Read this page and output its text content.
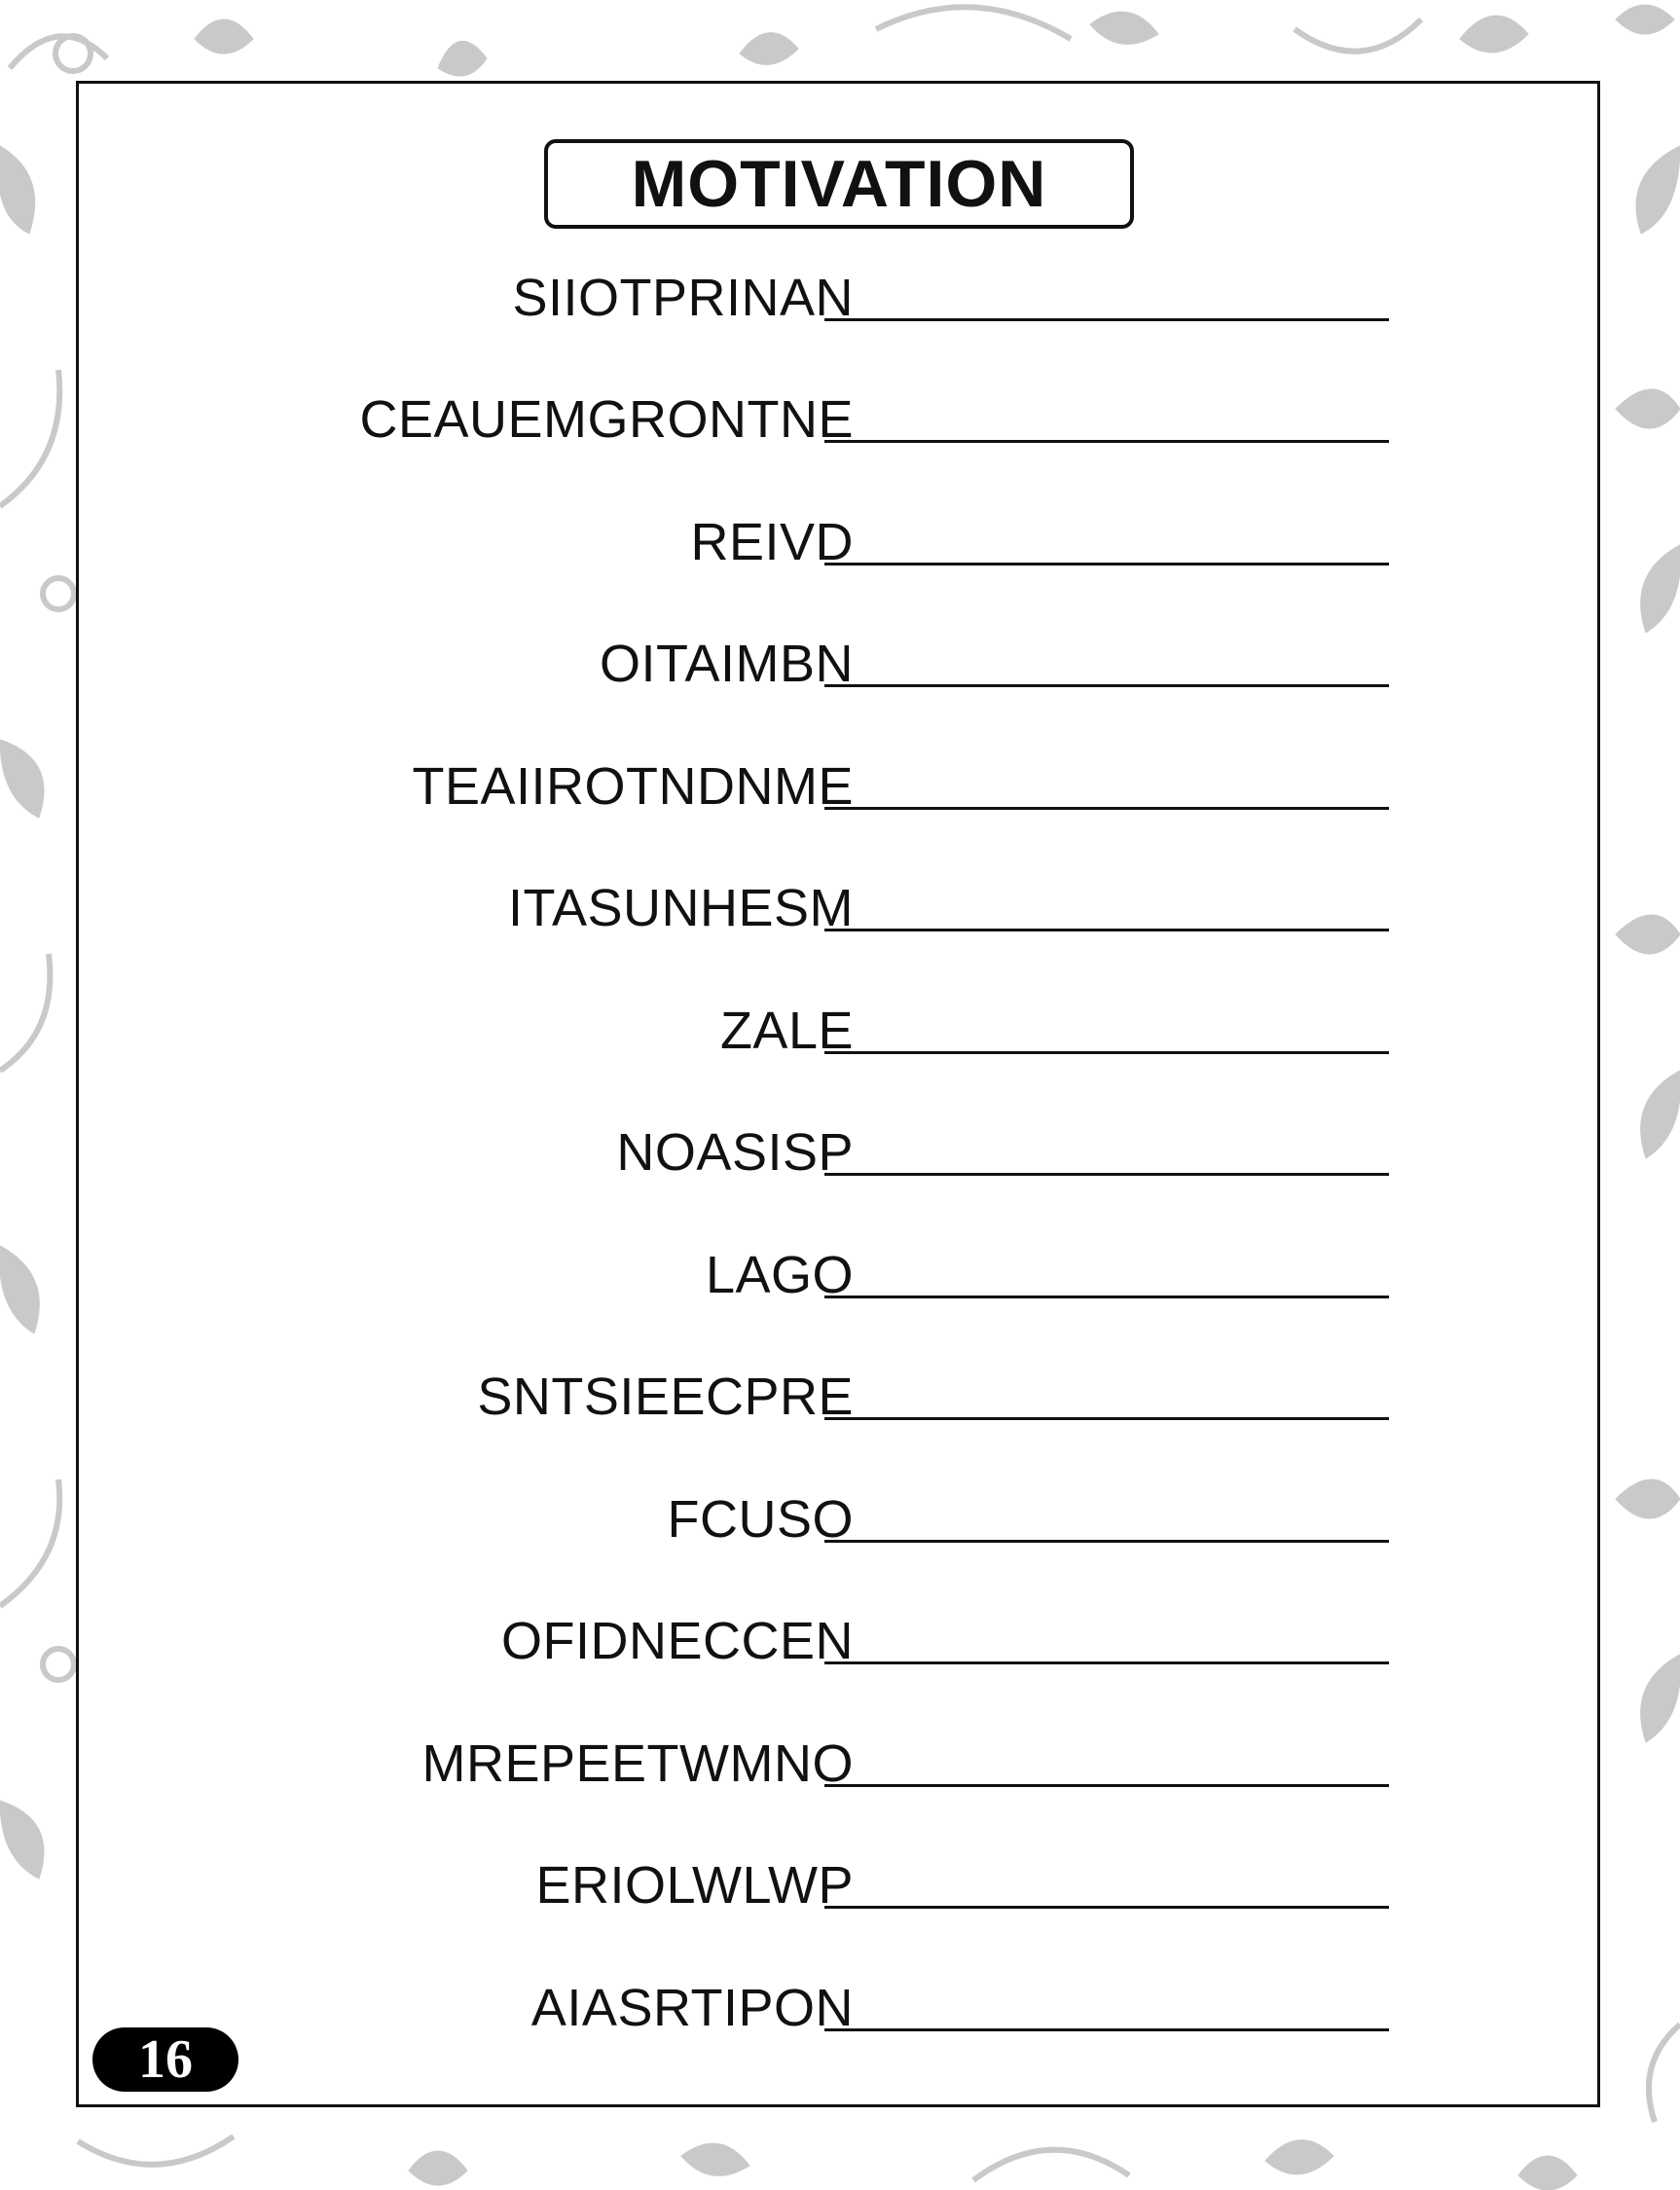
MOTIVATION
SIIOTPRINAN
CEAUEMGRONTNE
REIVD
OITAIMBN
TEAIIROTNDNME
ITASUNHESM
ZALE
NOASISP
LAGO
SNTSIEECPRE
FCUSO
OFIDNECCEN
MREPEETWMNO
ERIOLWLWP
AIASRTIPON
16
